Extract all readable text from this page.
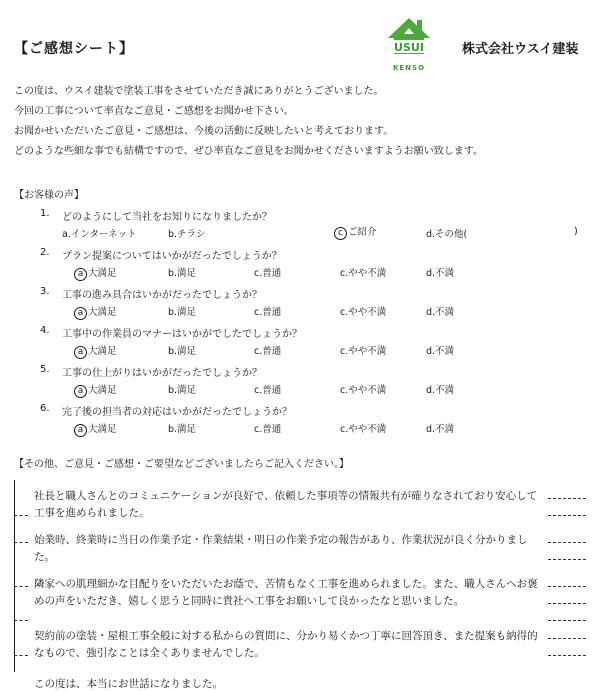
【ご感想シート】	USUI
KENSO
株式会社ウスイ建装
この度は、ウスイ建装で塗装工事をさせていただき誠にありがとうございました。
今回の工事について率直なご意見・ご感想をお聞かせ下さい。
お聞かせいただいたご意見・ご感想は、今後の活動に反映したいと考えております。
どのような些細な事でも結構ですので、ぜひ率直なご意見をお聞かせくださいますようお願い致します。
【お客様の声】
1. どのようにして当社をお知りになりましたか？
a.インターネット	b.チラシ	c ご紹介	d.その他(	)
2. プラン提案についてはいかがだったでしょうか？
a 大満足	b.満足	c.普通	c.やや不満	d.不満
3. 工事の進み具合はいかがだったでしょうか？
a 大満足	b.満足	c.普通	c.やや不満	d.不満
4. 工事中の作業員のマナーはいかがでしたでしょうか？
a 大満足	b.満足	c.普通	c.やや不満	d.不満
5. 工事の仕上がりはいかがだったでしょうか？
a 大満足	b.満足	c.普通	c.やや不満	d.不満
6. 完了後の担当者の対応はいかがだったでしょうか？
a 大満足	b.満足	c.普通	c.やや不満	d.不満
【その他、ご意見・ご感想・ご要望などございましたらご記入ください。】
社長と職人さんとのコミュニケーションが良好で、依頼した事項等の情報共有が確りなされており安心して工事を進められました。
始業時、終業時に当日の作業予定・作業結果・明日の作業予定の報告があり、作業状況が良く分かりました。
隣家への肌理細かな目配りをいただいたお蔭で、苦情もなく工事を進められました。また、職人さんへお褒めの声をいただき、嬉しく思うと同時に貴社へ工事をお願いして良かったなと思いました。
契約前の塗装・屋根工事全般に対する私からの質問に、分かり易くかつ丁寧に回答頂き、また提案も納得的なもので、強引なことは全くありませんでした。
この度は、本当にお世話になりました。
